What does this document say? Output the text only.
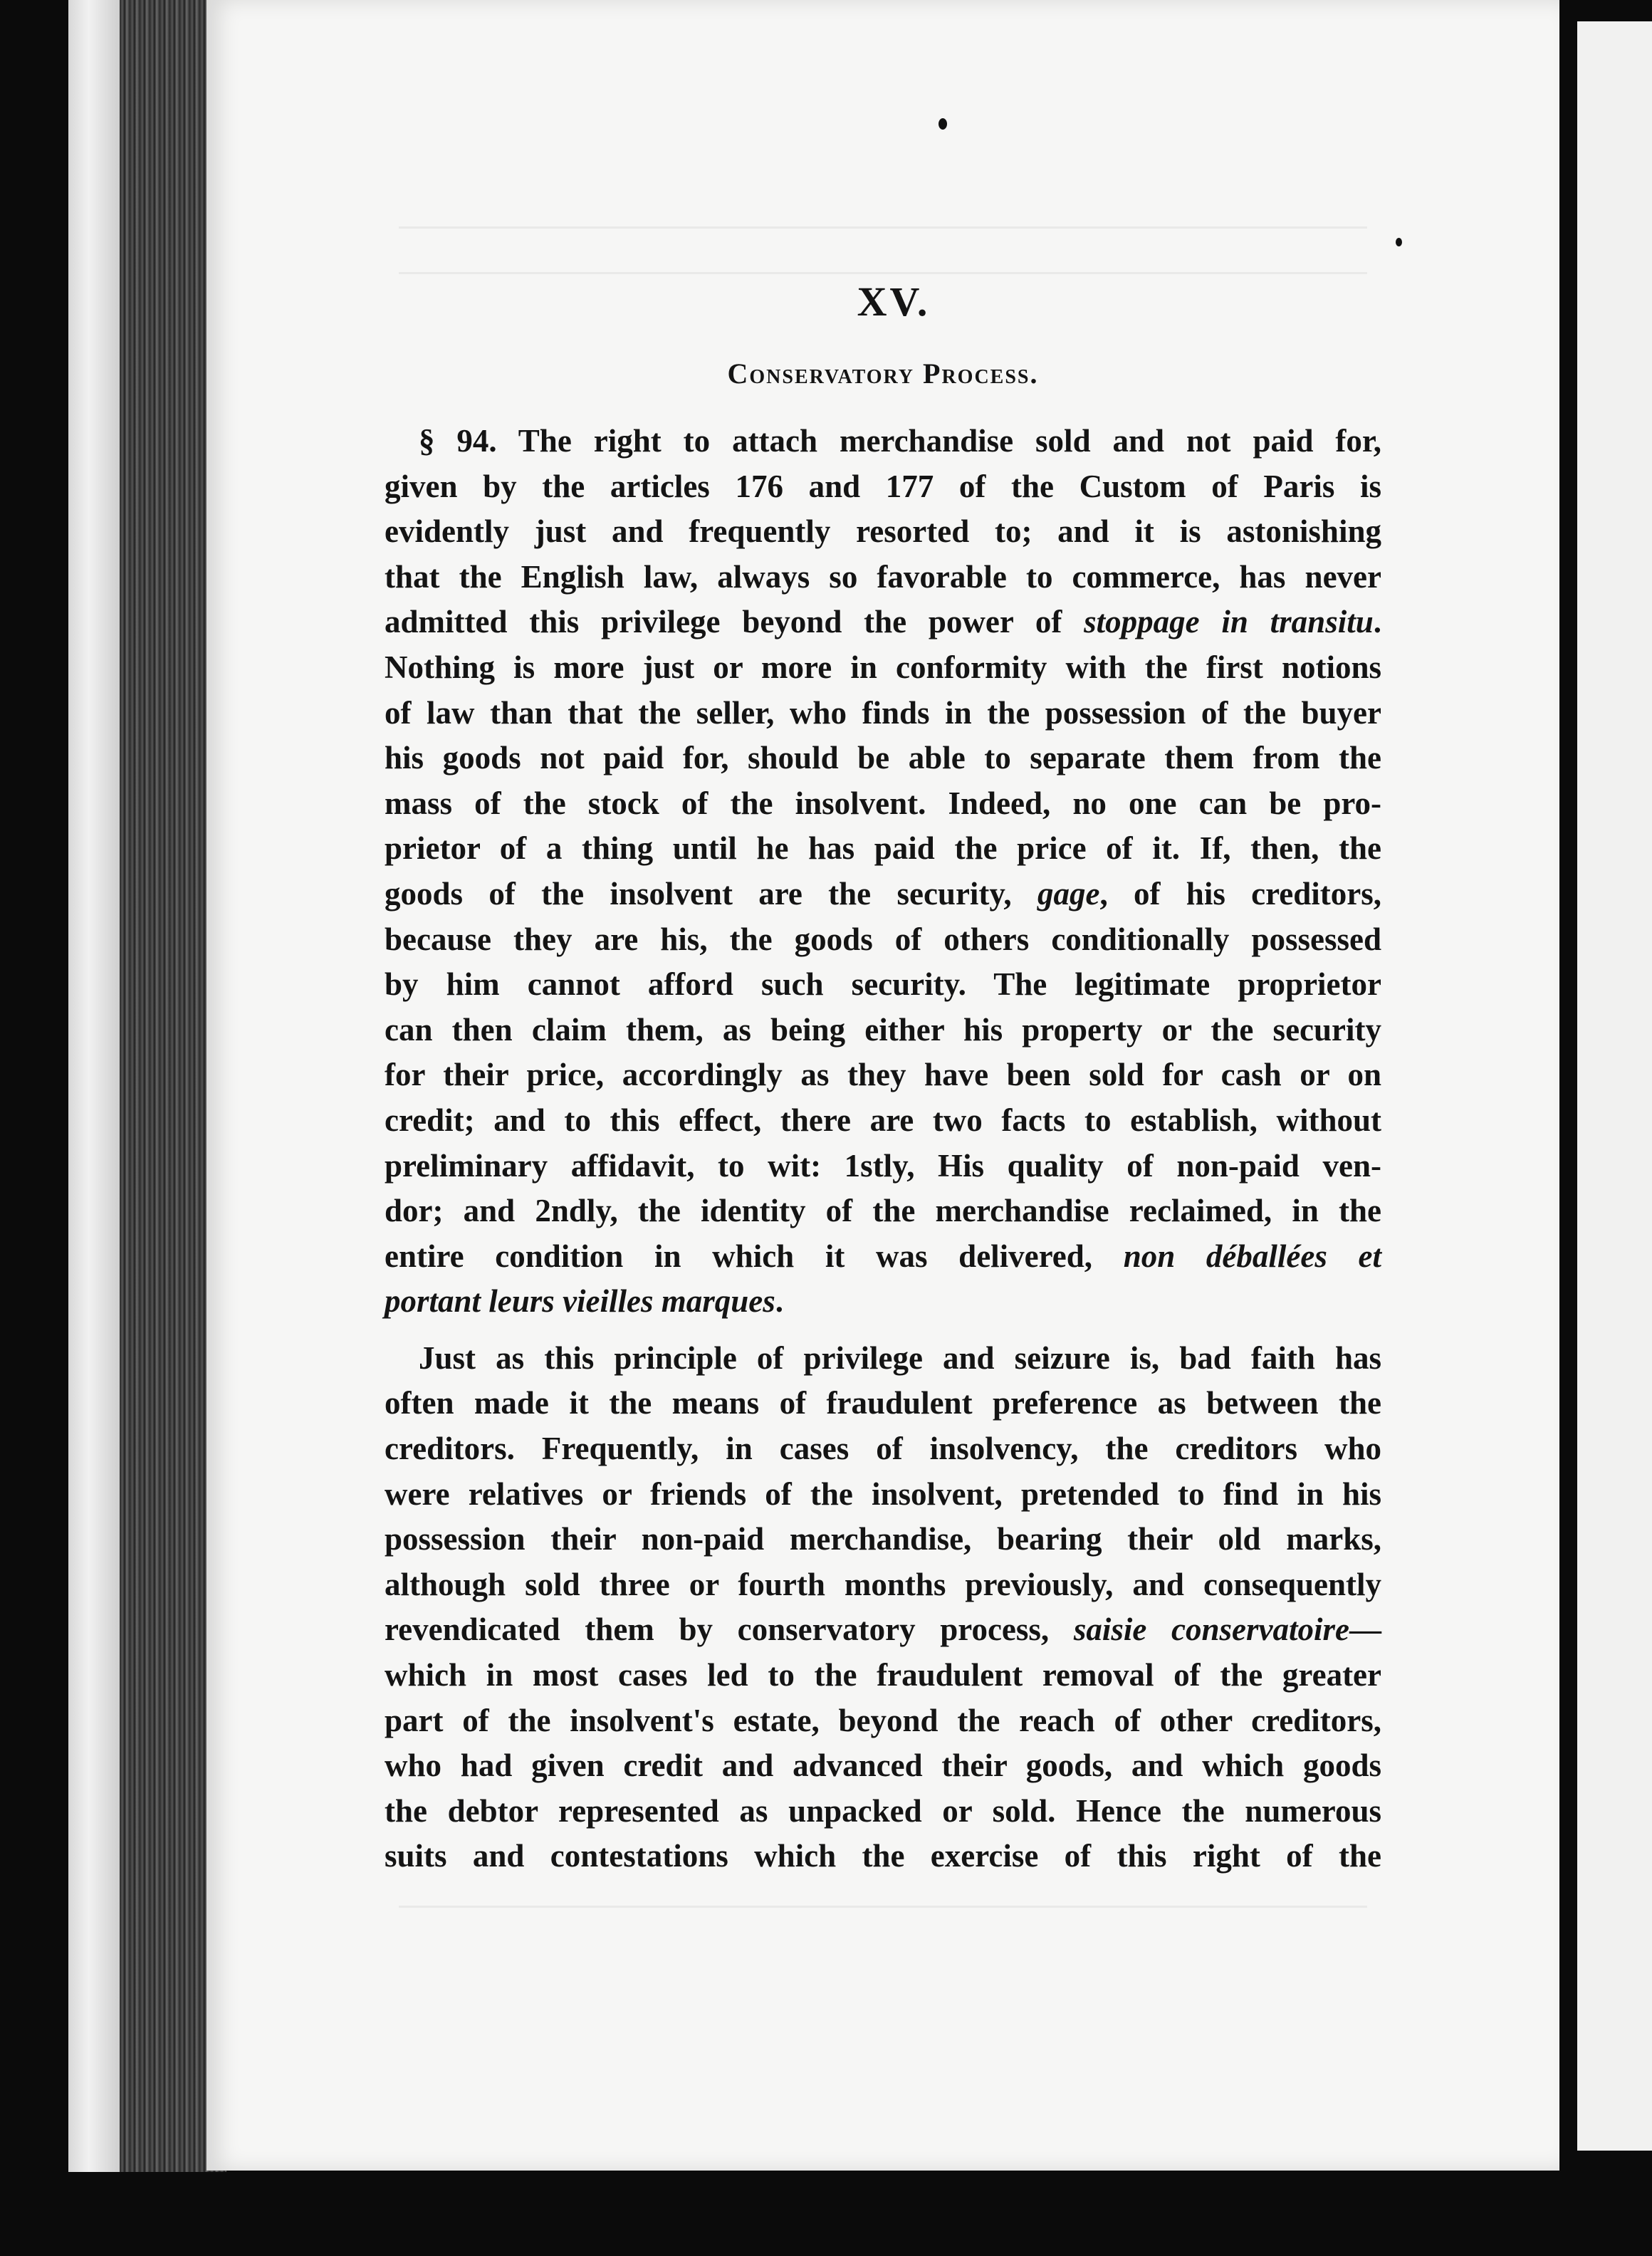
XV.
Conservatory Process.
§ 94. The right to attach merchandise sold and not paid for,
given by the articles 176 and 177 of the Custom of Paris is
evidently just and frequently resorted to; and it is astonishing
that the English law, always so favorable to commerce, has never
admitted this privilege beyond the power of stoppage in transitu.
Nothing is more just or more in conformity with the first notions
of law than that the seller, who finds in the possession of the buyer
his goods not paid for, should be able to separate them from the
mass of the stock of the insolvent. Indeed, no one can be pro-
prietor of a thing until he has paid the price of it. If, then, the
goods of the insolvent are the security, gage, of his creditors,
because they are his, the goods of others conditionally possessed
by him cannot afford such security. The legitimate proprietor
can then claim them, as being either his property or the security
for their price, accordingly as they have been sold for cash or on
credit; and to this effect, there are two facts to establish, without
preliminary affidavit, to wit: 1stly, His quality of non-paid ven-
dor; and 2ndly, the identity of the merchandise reclaimed, in the
entire condition in which it was delivered, non déballées et
portant leurs vieilles marques.
Just as this principle of privilege and seizure is, bad faith has
often made it the means of fraudulent preference as between the
creditors. Frequently, in cases of insolvency, the creditors who
were relatives or friends of the insolvent, pretended to find in his
possession their non-paid merchandise, bearing their old marks,
although sold three or fourth months previously, and consequently
revendicated them by conservatory process, saisie conservatoire—
which in most cases led to the fraudulent removal of the greater
part of the insolvent's estate, beyond the reach of other creditors,
who had given credit and advanced their goods, and which goods
the debtor represented as unpacked or sold. Hence the numerous
suits and contestations which the exercise of this right of the
